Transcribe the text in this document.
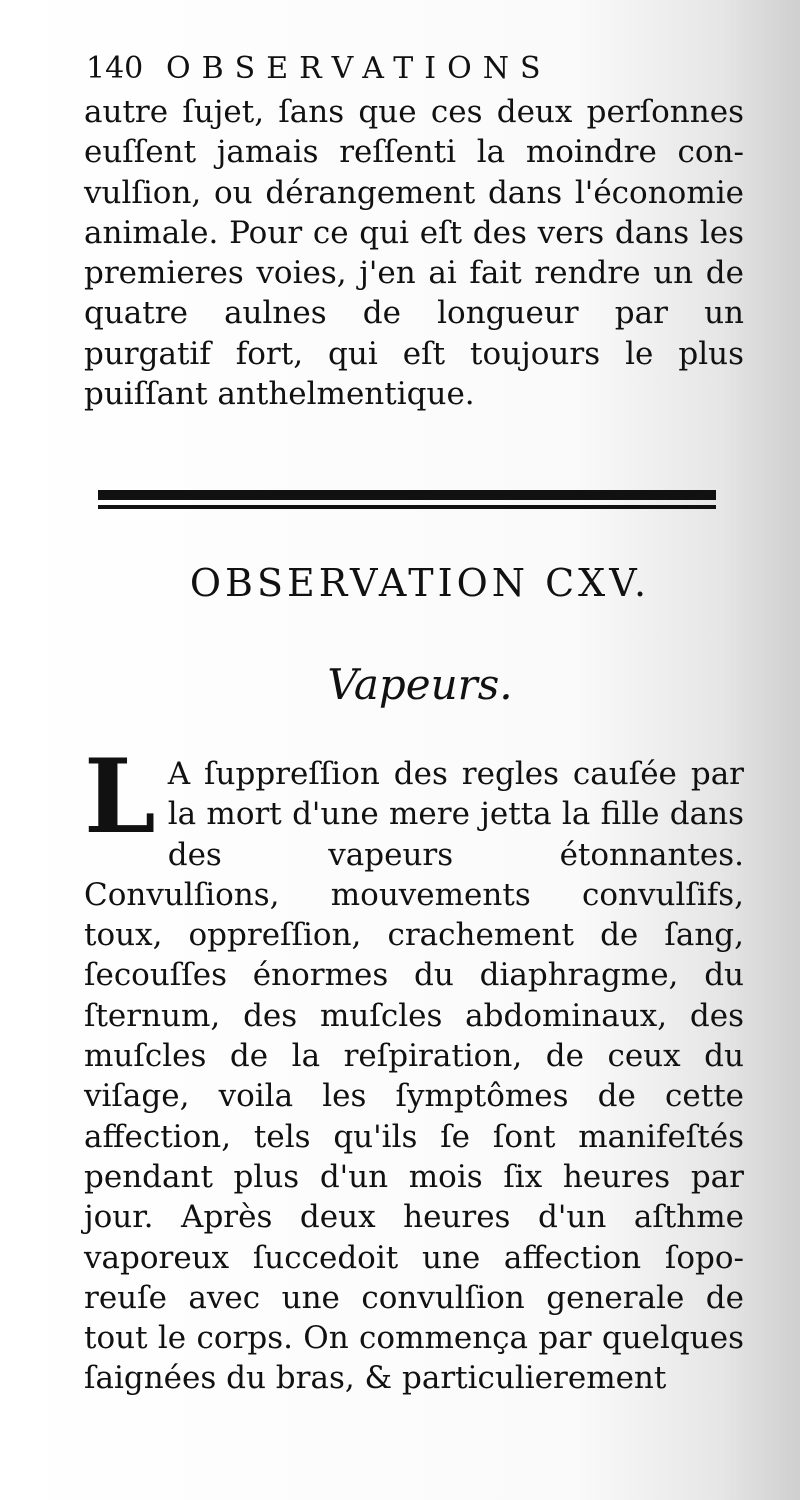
140 OBSERVATIONS
autre ſujet, ſans que ces deux perſonnes euſſent jamais reſſenti la moindre convulſion, ou dérangement dans l'économie animale. Pour ce qui eſt des vers dans les premieres voies, j'en ai fait rendre un de quatre aulnes de longueur par un purgatif fort, qui eſt toujours le plus puiſſant anthelmentique.
OBSERVATION CXV.
Vapeurs.
L A ſuppreſſion des regles cauſée par la mort d'une mere jetta la fille dans des vapeurs étonnantes. Convulſions, mouvements convulſifs, toux, oppreſſion, crachement de ſang, ſecouſſes énormes du diaphragme, du ſternum, des muſcles abdominaux, des muſcles de la reſpiration, de ceux du viſage, voila les ſymptômes de cette affection, tels qu'ils ſe ſont manifeſtés pendant plus d'un mois ſix heures par jour. Après deux heures d'un aſthme vaporeux ſuccedoit une affection ſoporeuſe avec une convulſion generale de tout le corps. On commença par quelques ſaignées du bras, & particulierement
